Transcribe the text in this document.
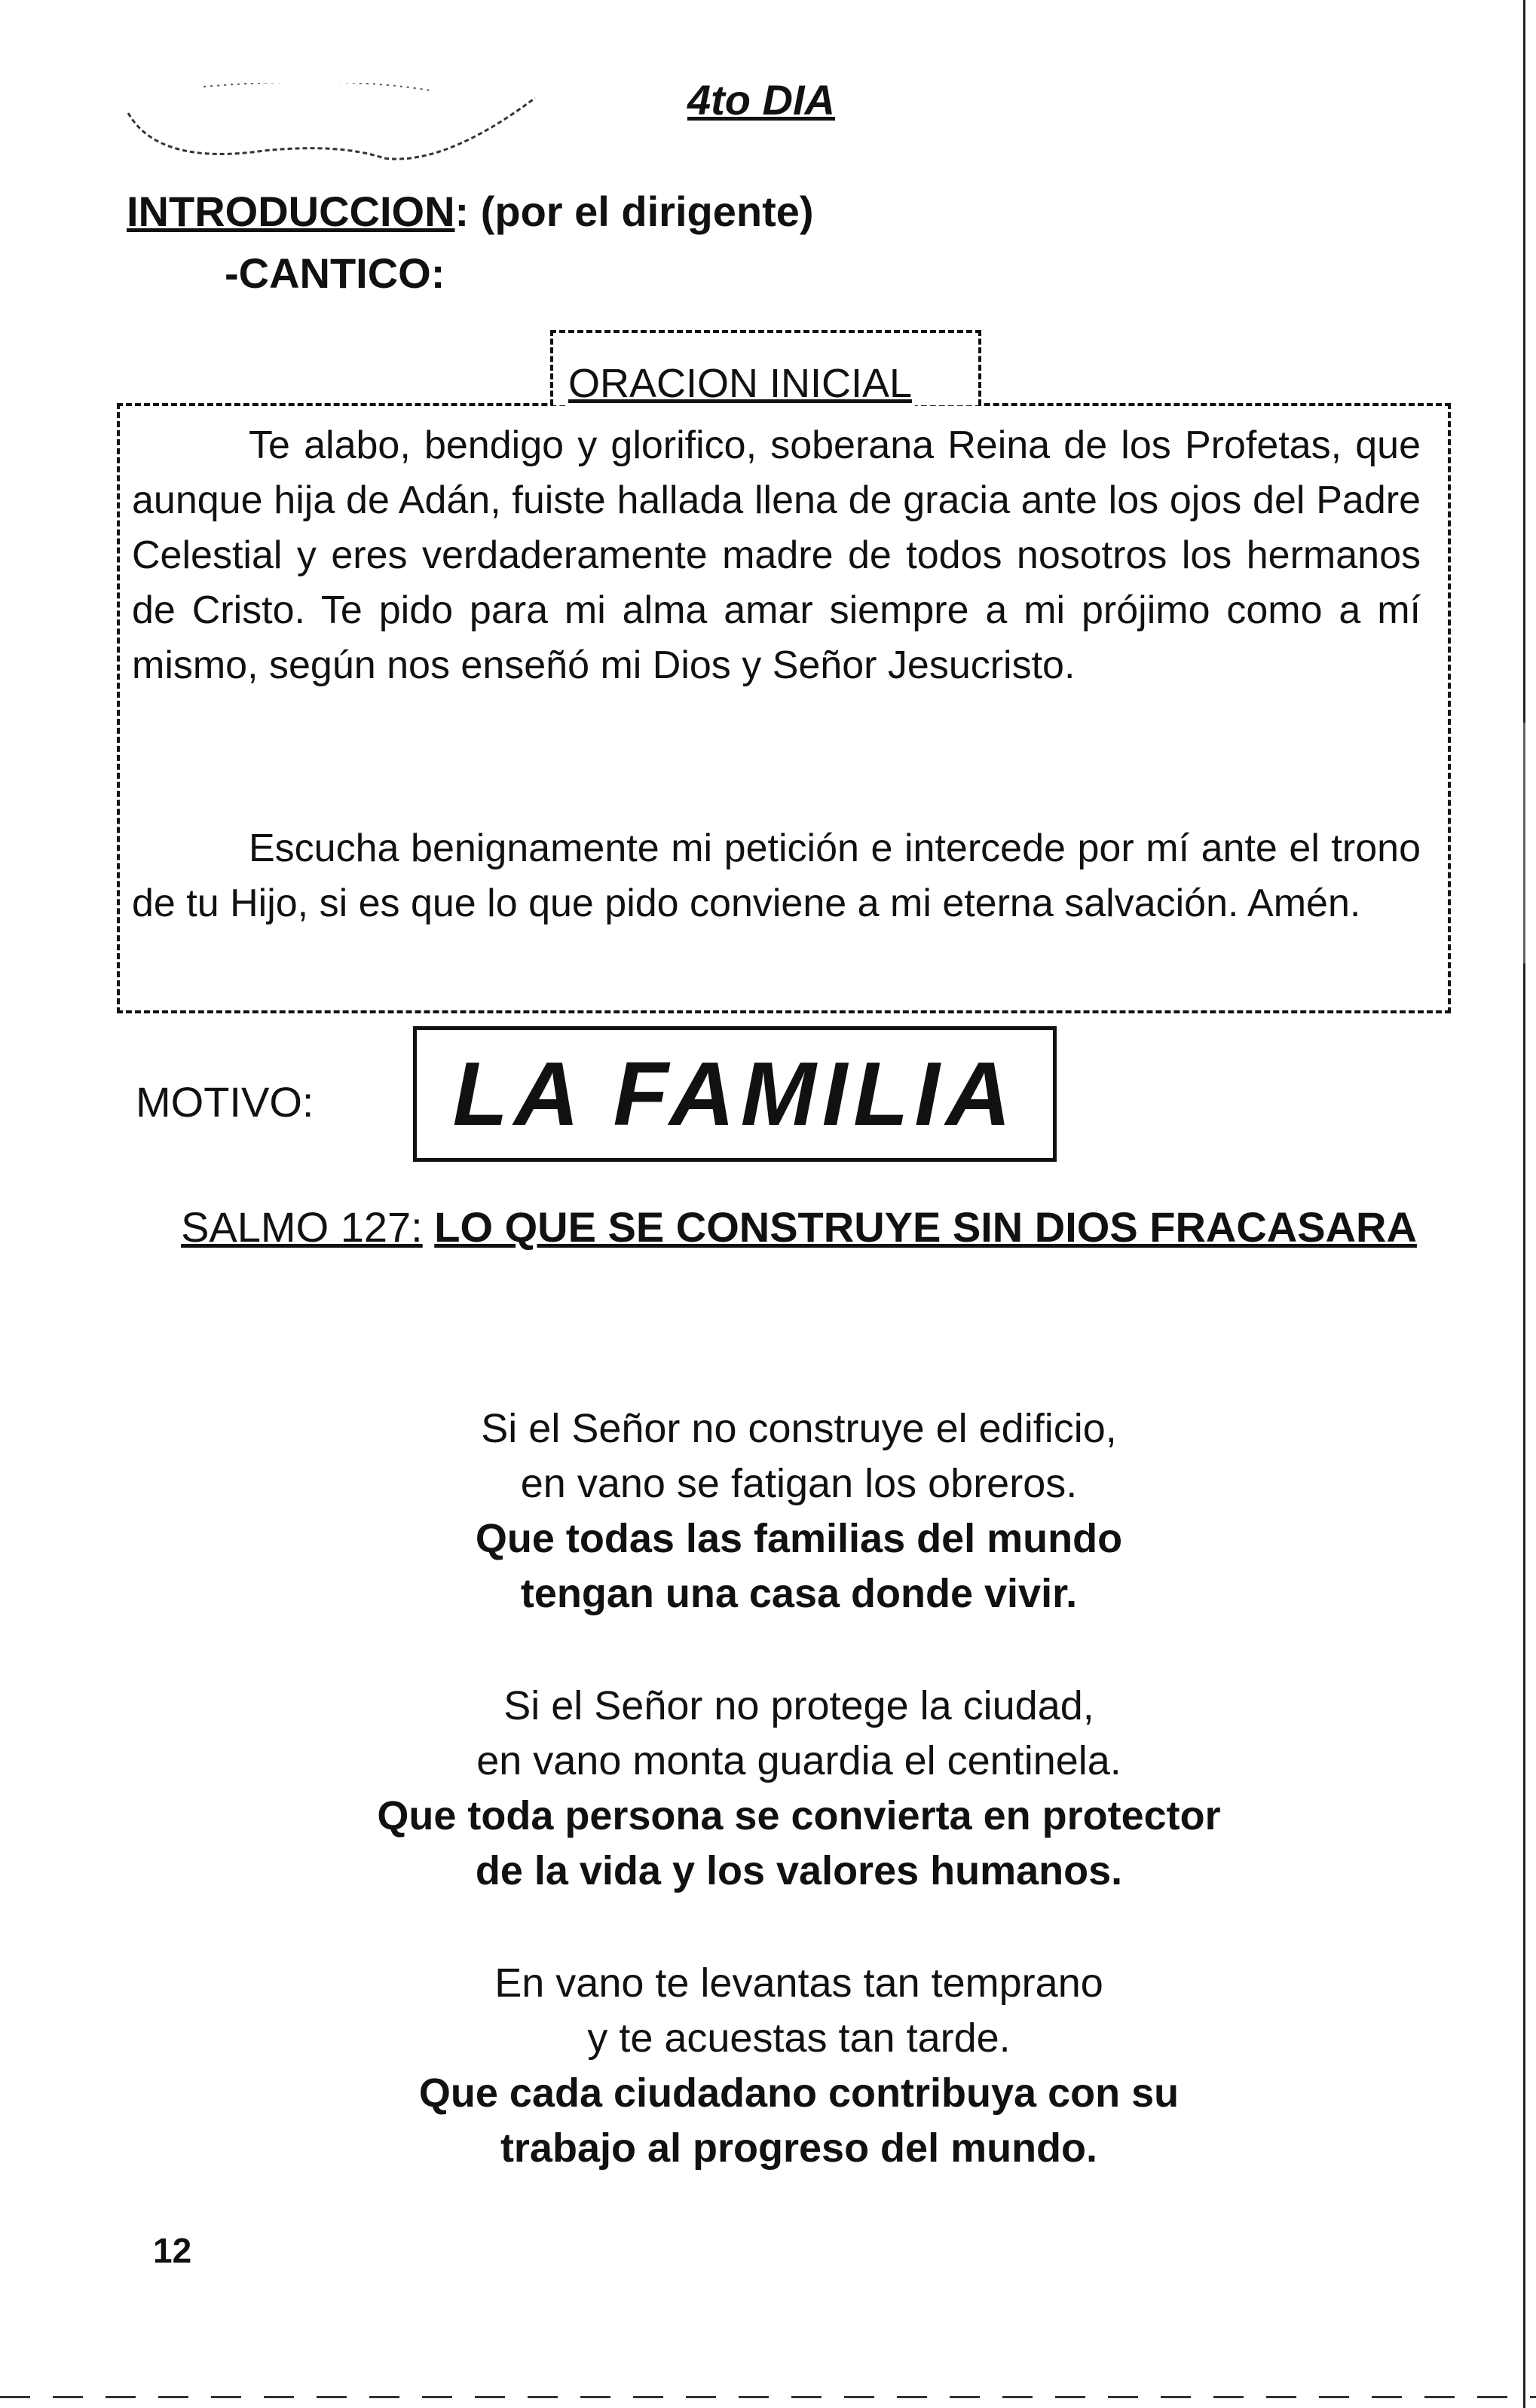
4to DIA
INTRODUCCION: (por el dirigente)
-CANTICO:
ORACION INICIAL

Te alabo, bendigo y glorifico, soberana Reina de los Profetas, que aunque hija de Adán, fuiste hallada llena de gracia ante los ojos del Padre Celestial y eres verdaderamente madre de todos nosotros los hermanos de Cristo. Te pido para mi alma amar siempre a mi prójimo como a mí mismo, según nos enseñó mi Dios y Señor Jesucristo.

Escucha benignamente mi petición e intercede por mí ante el trono de tu Hijo, si es que lo que pido conviene a mi eterna salvación. Amén.

MOTIVO: LA FAMILIA
SALMO 127: LO QUE SE CONSTRUYE SIN DIOS FRACASARA
Si el Señor no construye el edificio,
en vano se fatigan los obreros.
Que todas las familias del mundo
tengan una casa donde vivir.
Si el Señor no protege la ciudad,
en vano monta guardia el centinela.
Que toda persona se convierta en protector
de la vida y los valores humanos.
En vano te levantas tan temprano
y te acuestas tan tarde.
Que cada ciudadano contribuya con su
trabajo al progreso del mundo.
12
